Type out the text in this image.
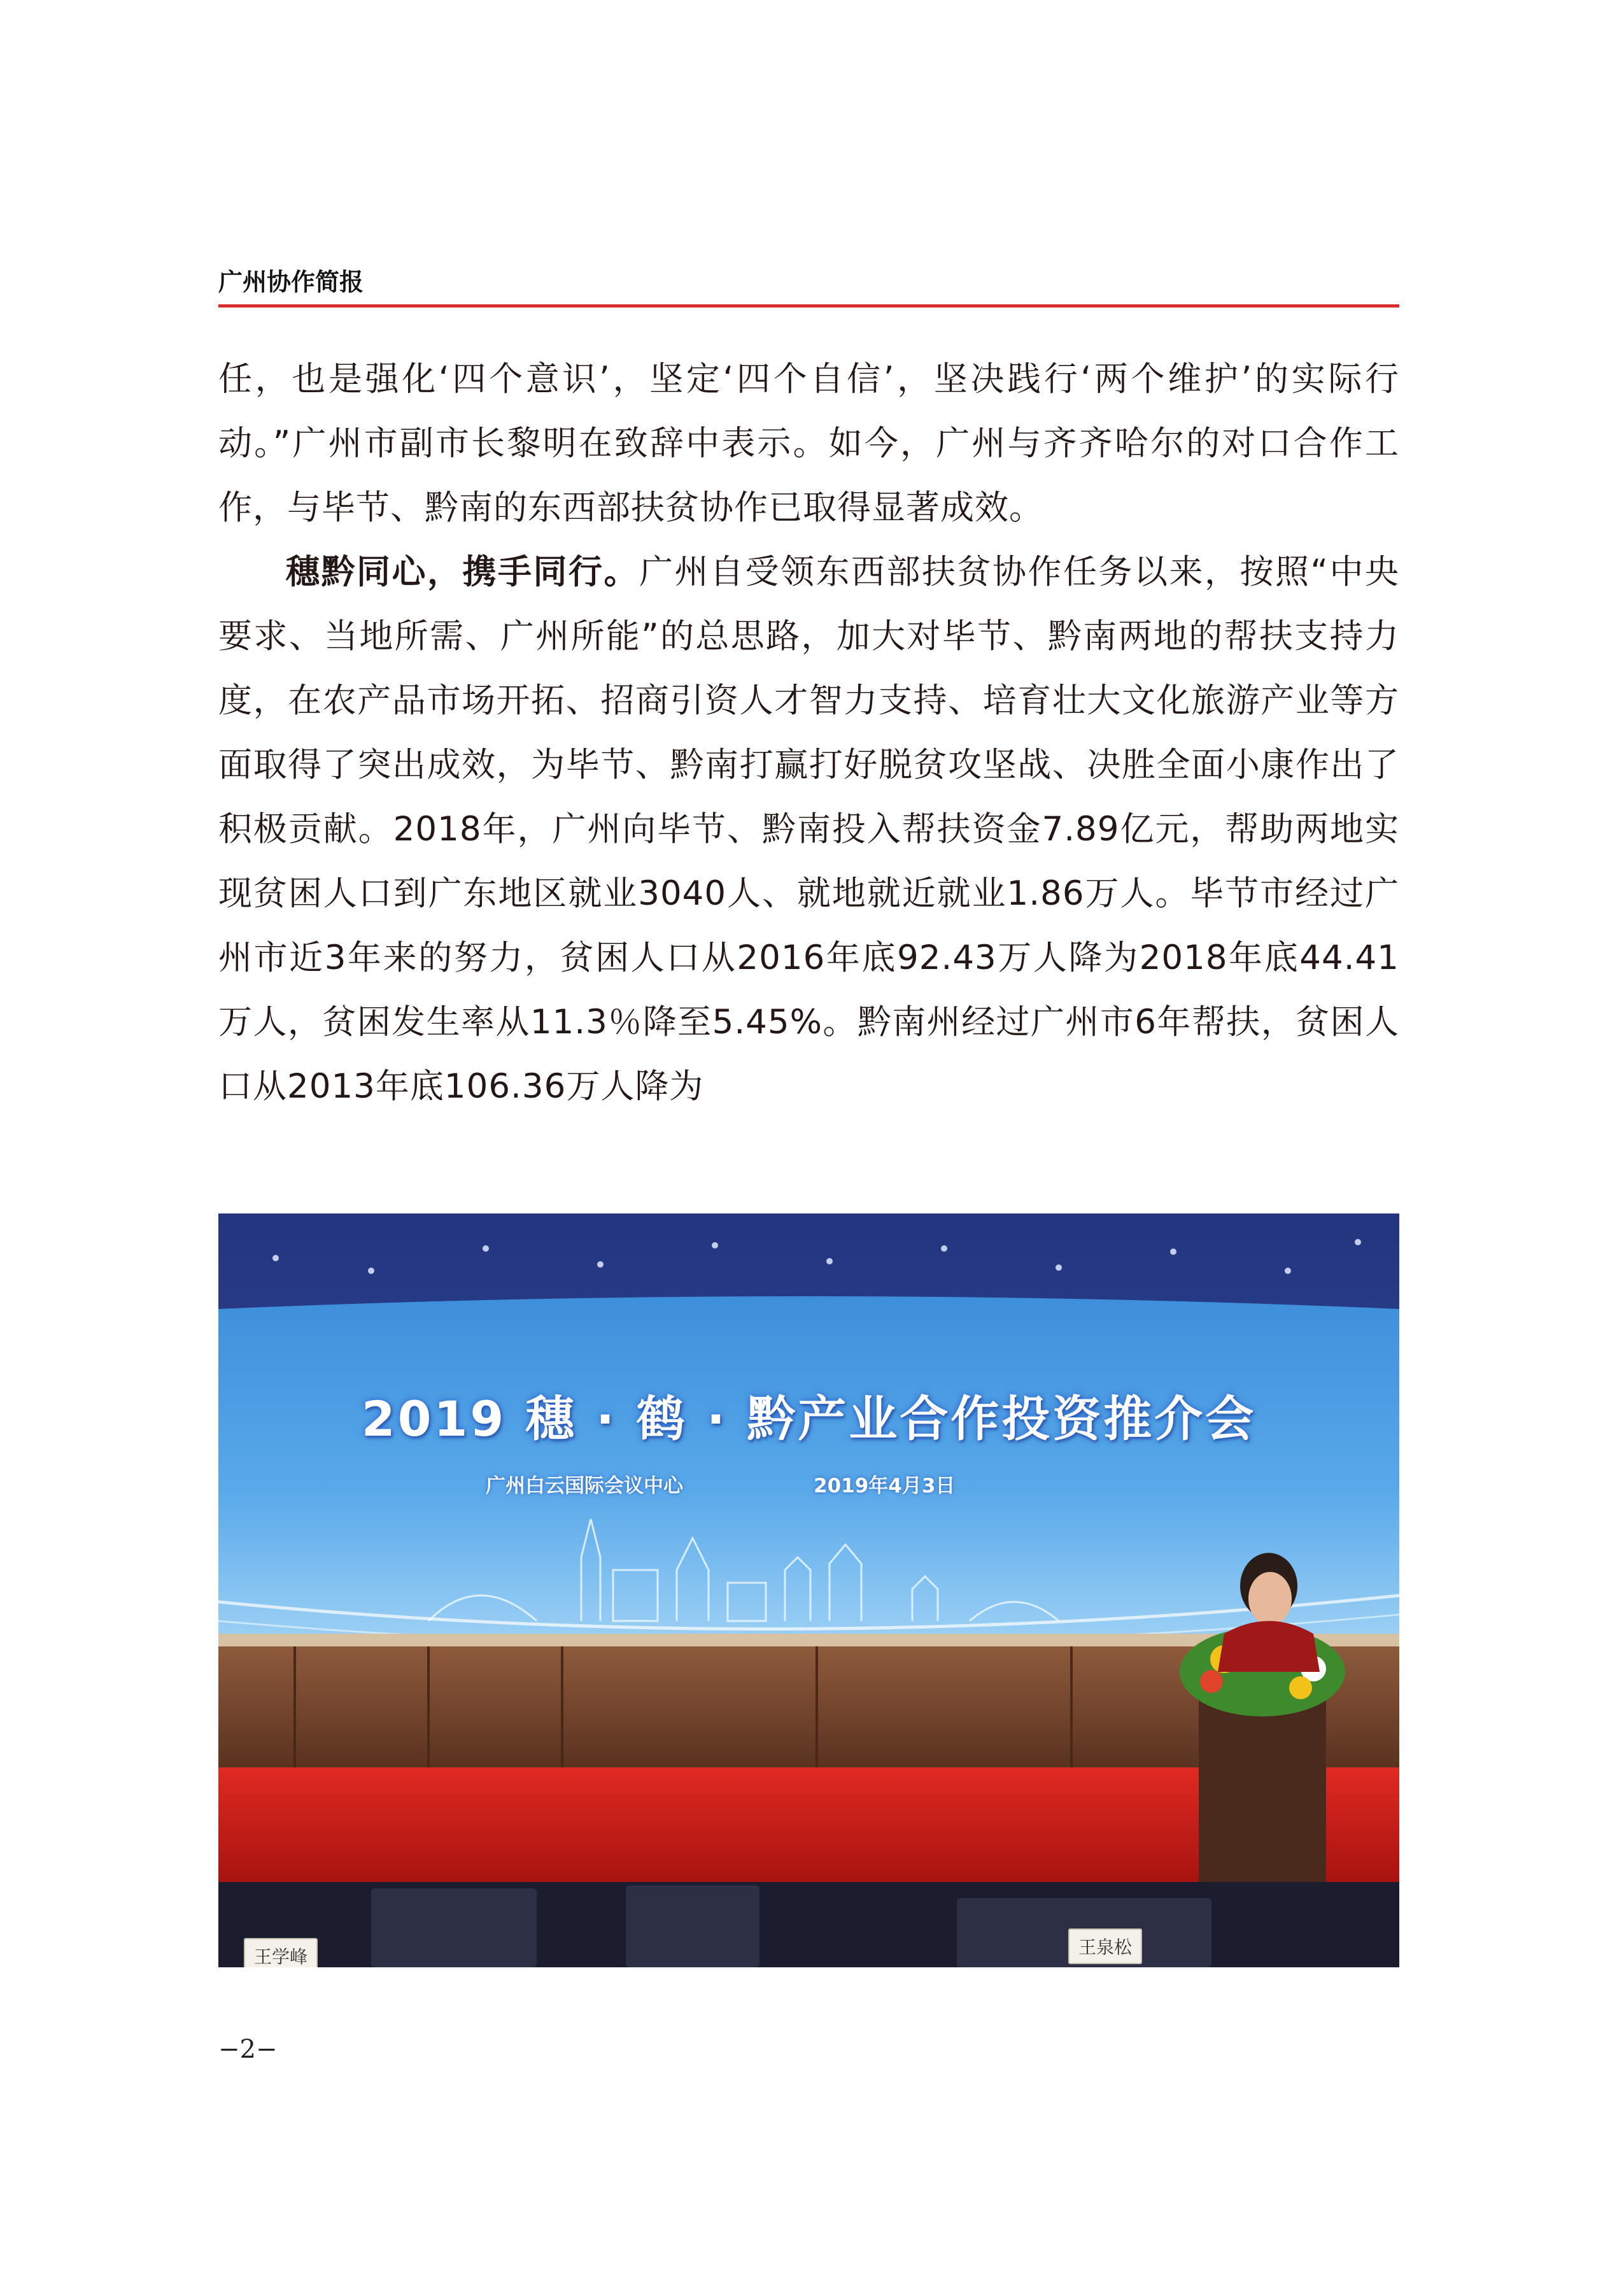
广州协作简报

任，也是强化‘四个意识’，坚定‘四个自信’，坚决践行‘两个维护’的实际行动。”广州市副市长黎明在致辞中表示。如今，广州与齐齐哈尔的对口合作工作，与毕节、黔南的东西部扶贫协作已取得显著成效。

穗黔同心，携手同行。广州自受领东西部扶贫协作任务以来，按照“中央要求、当地所需、广州所能”的总思路，加大对毕节、黔南两地的帮扶支持力度，在农产品市场开拓、招商引资人才智力支持、培育壮大文化旅游产业等方面取得了突出成效，为毕节、黔南打赢打好脱贫攻坚战、决胜全面小康作出了积极贡献。2018年，广州向毕节、黔南投入帮扶资金7.89亿元，帮助两地实现贫困人口到广东地区就业3040人、就地就近就业1.86万人。毕节市经过广州市近3年来的努力，贫困人口从2016年底92.43万人降为2018年底44.41万人，贫困发生率从11.3％降至5.45%。黔南州经过广州市6年帮扶，贫困人口从2013年底106.36万人降为

2019 穗 · 鹤 · 黔产业合作投资推介会
广州白云国际会议中心	2019年4月3日
王学峰	王泉松
−2−
